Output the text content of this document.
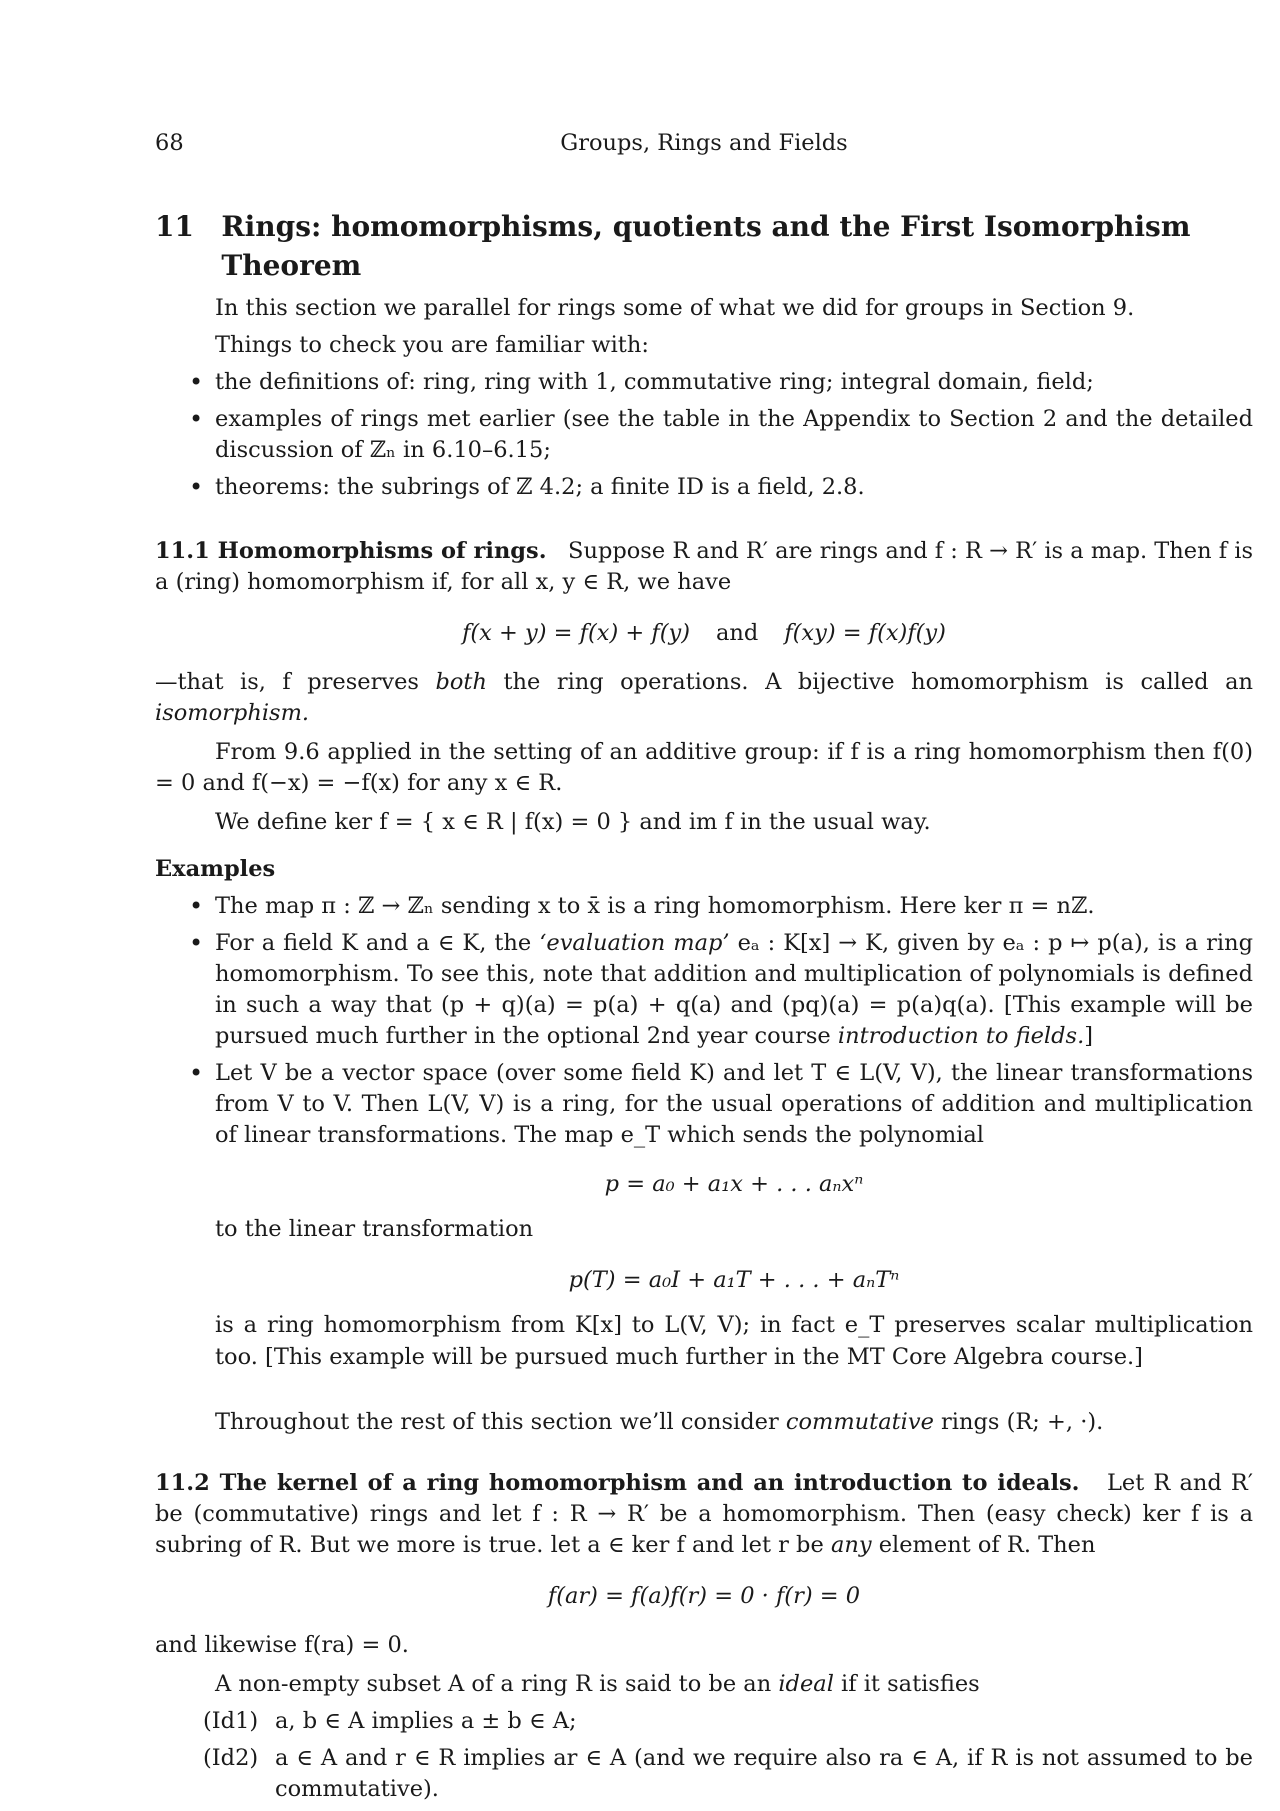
68	Groups, Rings and Fields
11 Rings: homomorphisms, quotients and the First Isomorphism Theorem

In this section we parallel for rings some of what we did for groups in Section 9.

Things to check you are familiar with:

• the definitions of: ring, ring with 1, commutative ring; integral domain, field;
• examples of rings met earlier (see the table in the Appendix to Section 2 and the detailed discussion of ℤₙ in 6.10–6.15;
• theorems: the subrings of ℤ 4.2; a finite ID is a field, 2.8.

11.1 Homomorphisms of rings. Suppose R and R′ are rings and f : R → R′ is a map. Then f is a (ring) homomorphism if, for all x, y ∈ R, we have

f(x + y) = f(x) + f(y) and f(xy) = f(x)f(y)

—that is, f preserves both the ring operations. A bijective homomorphism is called an isomorphism.

From 9.6 applied in the setting of an additive group: if f is a ring homomorphism then f(0) = 0 and f(−x) = −f(x) for any x ∈ R.

We define ker f = { x ∈ R | f(x) = 0 } and im f in the usual way.

Examples
• The map π : ℤ → ℤₙ sending x to x̄ is a ring homomorphism. Here ker π = nℤ.
• For a field K and a ∈ K, the ‘evaluation map’ eₐ : K[x] → K, given by eₐ : p ↦ p(a), is a ring homomorphism. To see this, note that addition and multiplication of polynomials is defined in such a way that (p + q)(a) = p(a) + q(a) and (pq)(a) = p(a)q(a). [This example will be pursued much further in the optional 2nd year course introduction to fields.]
• Let V be a vector space (over some field K) and let T ∈ L(V, V), the linear transformations from V to V. Then L(V, V) is a ring, for the usual operations of addition and multiplication of linear transformations. The map e_T which sends the polynomial
p = a₀ + a₁x + . . . aₙxⁿ
to the linear transformation
p(T) = a₀I + a₁T + . . . + aₙTⁿ
is a ring homomorphism from K[x] to L(V, V); in fact e_T preserves scalar multiplication too. [This example will be pursued much further in the MT Core Algebra course.]

Throughout the rest of this section we’ll consider commutative rings (R; +, ·).

11.2 The kernel of a ring homomorphism and an introduction to ideals. Let R and R′ be (commutative) rings and let f : R → R′ be a homomorphism. Then (easy check) ker f is a subring of R. But we more is true. let a ∈ ker f and let r be any element of R. Then

f(ar) = f(a)f(r) = 0 · f(r) = 0

and likewise f(ra) = 0.

A non-empty subset A of a ring R is said to be an ideal if it satisfies

(Id1) a, b ∈ A implies a ± b ∈ A;
(Id2) a ∈ A and r ∈ R implies ar ∈ A (and we require also ra ∈ A, if R is not assumed to be commutative).
